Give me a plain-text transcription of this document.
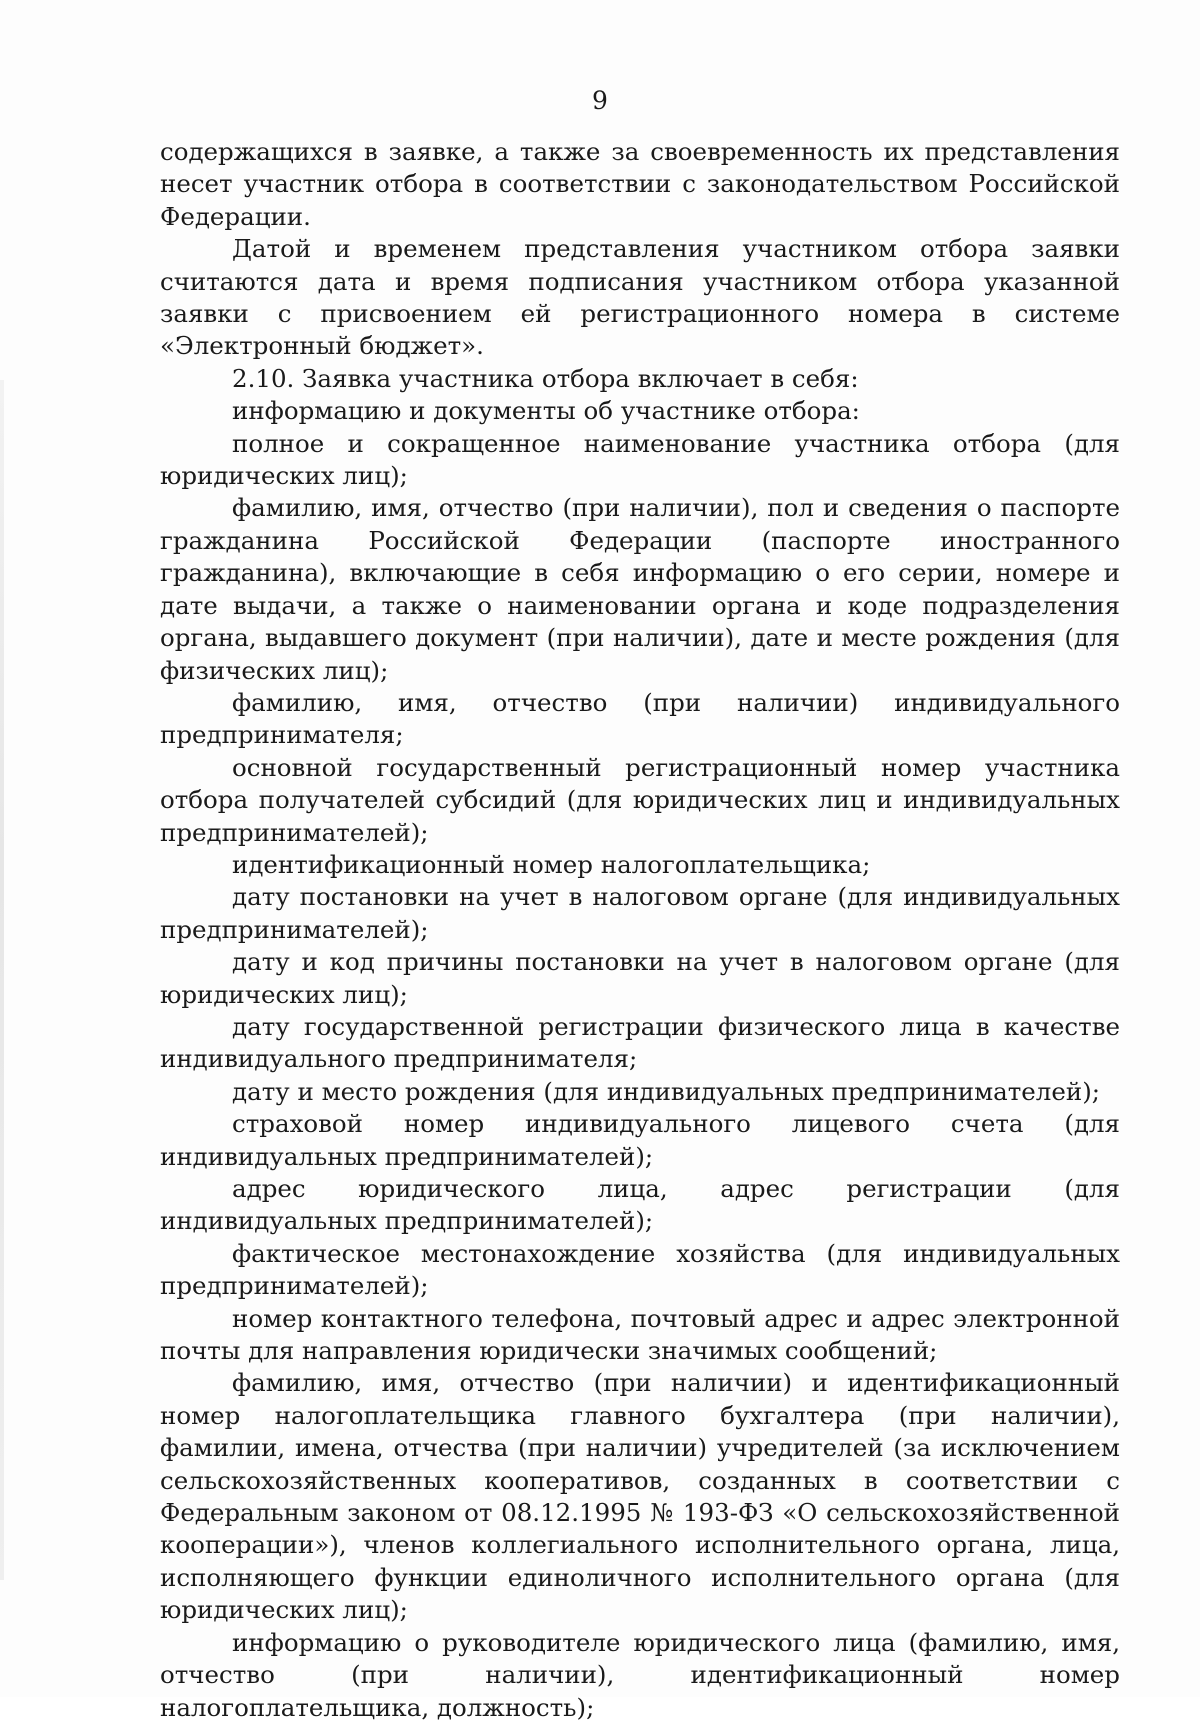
9

содержащихся в заявке, а также за своевременность их представления несет участник отбора в соответствии с законодательством Российской Федерации.

Датой и временем представления участником отбора заявки считаются дата и время подписания участником отбора указанной заявки с присвоением ей регистрационного номера в системе «Электронный бюджет».

2.10. Заявка участника отбора включает в себя:

информацию и документы об участнике отбора:

полное и сокращенное наименование участника отбора (для юридических лиц);

фамилию, имя, отчество (при наличии), пол и сведения о паспорте гражданина Российской Федерации (паспорте иностранного гражданина), включающие в себя информацию о его серии, номере и дате выдачи, а также о наименовании органа и коде подразделения органа, выдавшего документ (при наличии), дате и месте рождения (для физических лиц);

фамилию, имя, отчество (при наличии) индивидуального предпринимателя;

основной государственный регистрационный номер участника отбора получателей субсидий (для юридических лиц и индивидуальных предпринимателей);

идентификационный номер налогоплательщика;

дату постановки на учет в налоговом органе (для индивидуальных предпринимателей);

дату и код причины постановки на учет в налоговом органе (для юридических лиц);

дату государственной регистрации физического лица в качестве индивидуального предпринимателя;

дату и место рождения (для индивидуальных предпринимателей);

страховой номер индивидуального лицевого счета (для индивидуальных предпринимателей);

адрес юридического лица, адрес регистрации (для индивидуальных предпринимателей);

фактическое местонахождение хозяйства (для индивидуальных предпринимателей);

номер контактного телефона, почтовый адрес и адрес электронной почты для направления юридически значимых сообщений;

фамилию, имя, отчество (при наличии) и идентификационный номер налогоплательщика главного бухгалтера (при наличии), фамилии, имена, отчества (при наличии) учредителей (за исключением сельскохозяйственных кооперативов, созданных в соответствии с Федеральным законом от 08.12.1995 № 193-ФЗ «О сельскохозяйственной кооперации»), членов коллегиального исполнительного органа, лица, исполняющего функции единоличного исполнительного органа (для юридических лиц);

информацию о руководителе юридического лица (фамилию, имя, отчество (при наличии), идентификационный номер налогоплательщика, должность);
